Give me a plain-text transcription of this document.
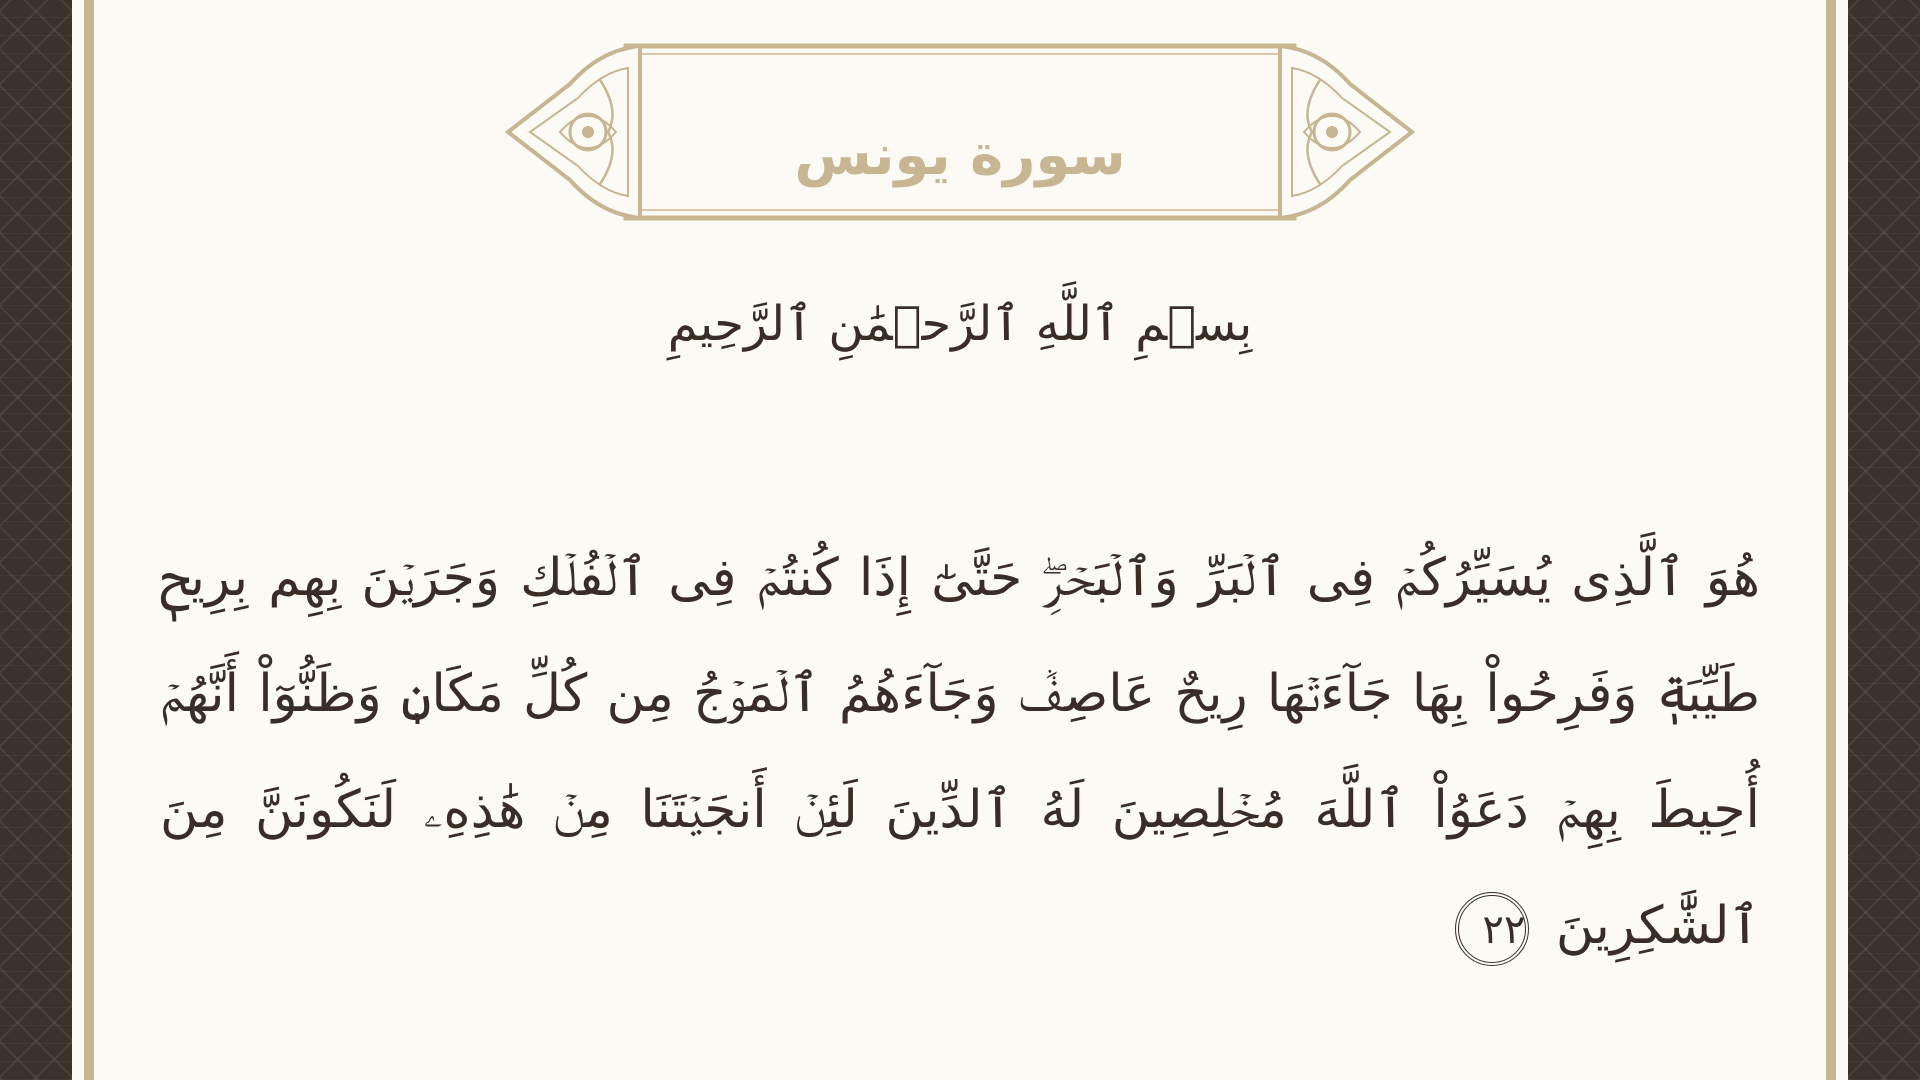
سورة يونس
بِسۡمِ ٱللَّهِ ٱلرَّحۡمَٰنِ ٱلرَّحِيمِ
هُوَ ٱلَّذِى يُسَيِّرُكُمۡ فِى ٱلۡبَرِّ وَٱلۡبَحۡرِۖ حَتَّىٰٓ إِذَا كُنتُمۡ فِى ٱلۡفُلۡكِ وَجَرَيۡنَ بِهِم بِرِيحٖ طَيِّبَةٖ وَفَرِحُواْ بِهَا جَآءَتۡهَا رِيحٌ عَاصِفٞ وَجَآءَهُمُ ٱلۡمَوۡجُ مِن كُلِّ مَكَانٖ وَظَنُّوٓاْ أَنَّهُمۡ أُحِيطَ بِهِمۡ دَعَوُاْ ٱللَّهَ مُخۡلِصِينَ لَهُ ٱلدِّينَ لَئِنۡ أَنجَيۡتَنَا مِنۡ هَٰذِهِۦ لَنَكُونَنَّ مِنَ ٱلشَّٰكِرِينَ ٢٢
